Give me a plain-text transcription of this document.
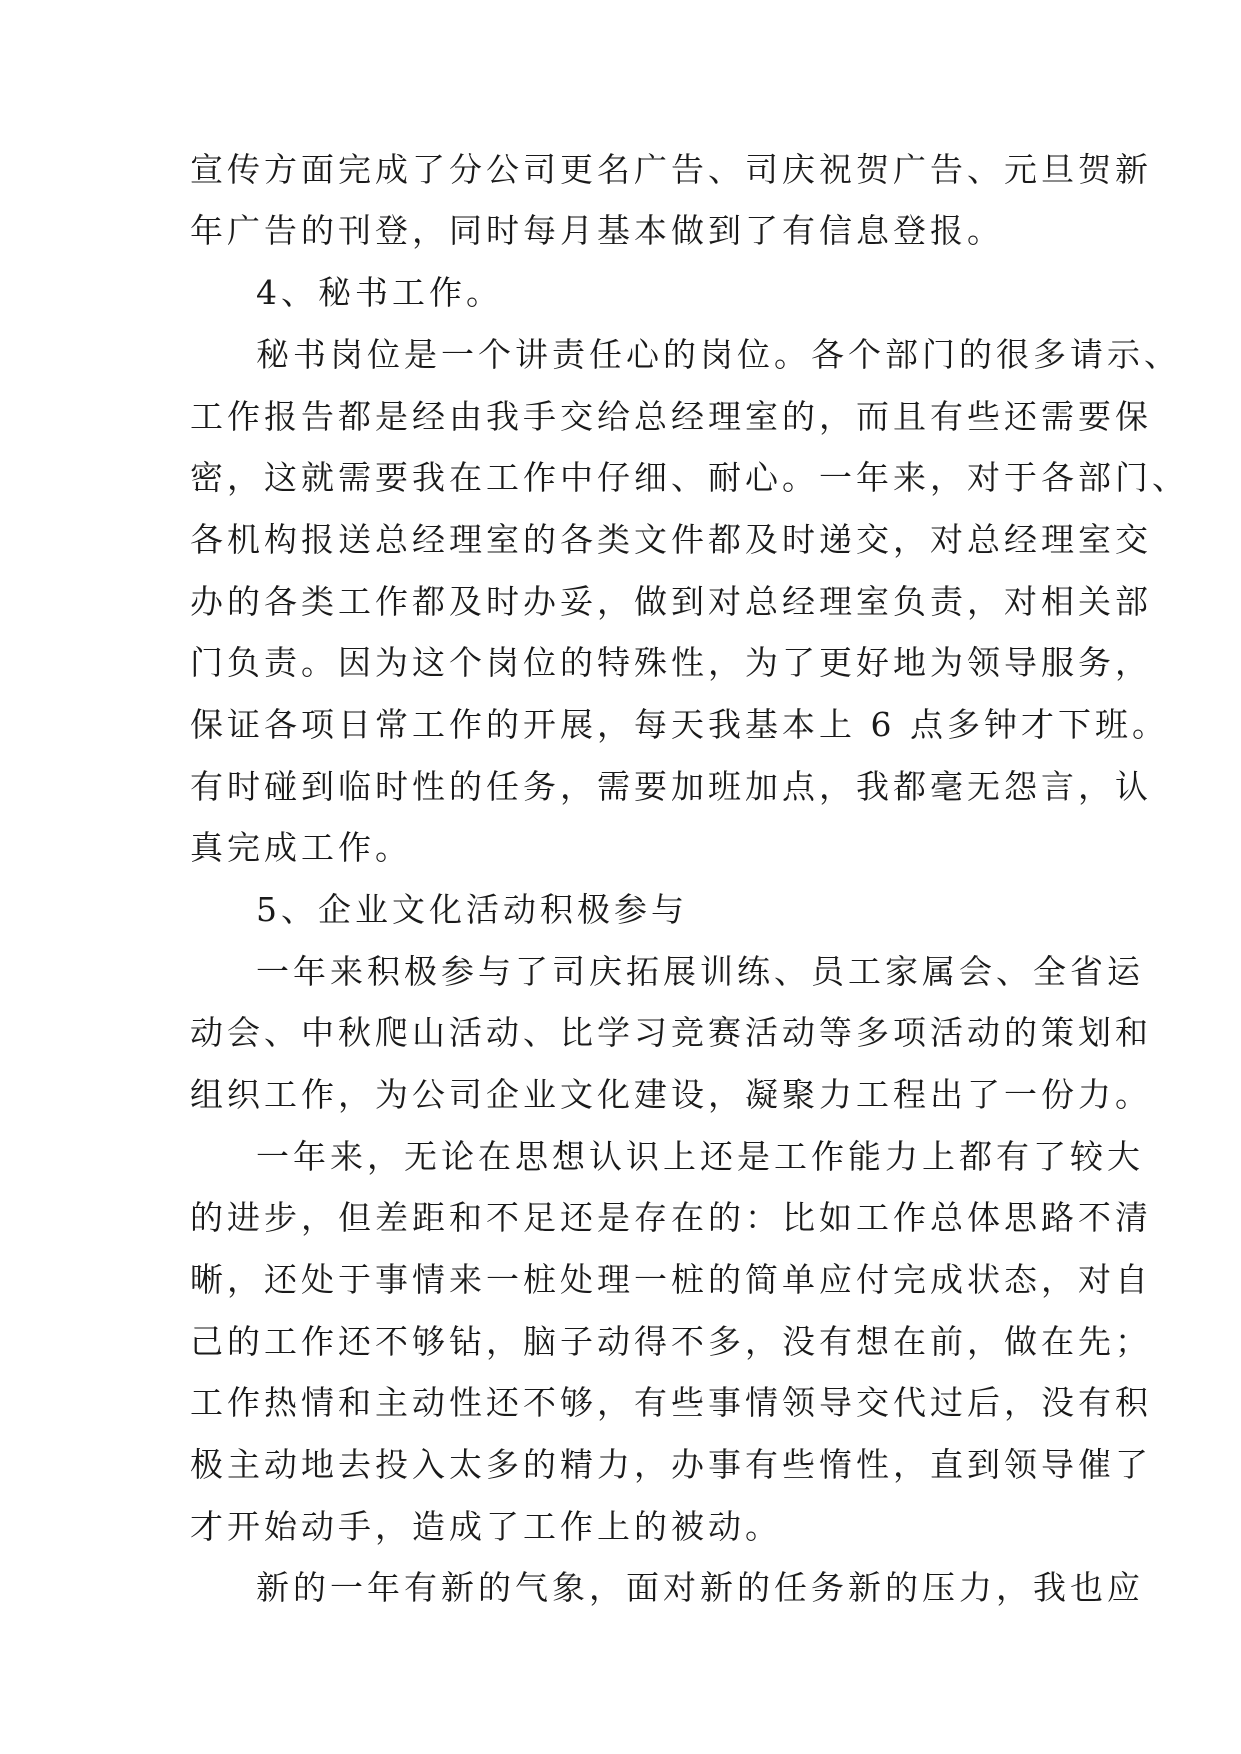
宣传方面完成了分公司更名广告、司庆祝贺广告、元旦贺新
年广告的刊登，同时每月基本做到了有信息登报。
4、秘书工作。
秘书岗位是一个讲责任心的岗位。各个部门的很多请示、
工作报告都是经由我手交给总经理室的，而且有些还需要保
密，这就需要我在工作中仔细、耐心。一年来，对于各部门、
各机构报送总经理室的各类文件都及时递交，对总经理室交
办的各类工作都及时办妥，做到对总经理室负责，对相关部
门负责。因为这个岗位的特殊性，为了更好地为领导服务，
保证各项日常工作的开展，每天我基本上 6 点多钟才下班。
有时碰到临时性的任务，需要加班加点，我都毫无怨言，认
真完成工作。
5、企业文化活动积极参与
一年来积极参与了司庆拓展训练、员工家属会、全省运
动会、中秋爬山活动、比学习竞赛活动等多项活动的策划和
组织工作，为公司企业文化建设，凝聚力工程出了一份力。
一年来，无论在思想认识上还是工作能力上都有了较大
的进步，但差距和不足还是存在的：比如工作总体思路不清
晰，还处于事情来一桩处理一桩的简单应付完成状态，对自
己的工作还不够钻，脑子动得不多，没有想在前，做在先；
工作热情和主动性还不够，有些事情领导交代过后，没有积
极主动地去投入太多的精力，办事有些惰性，直到领导催了
才开始动手，造成了工作上的被动。
新的一年有新的气象，面对新的任务新的压力，我也应
